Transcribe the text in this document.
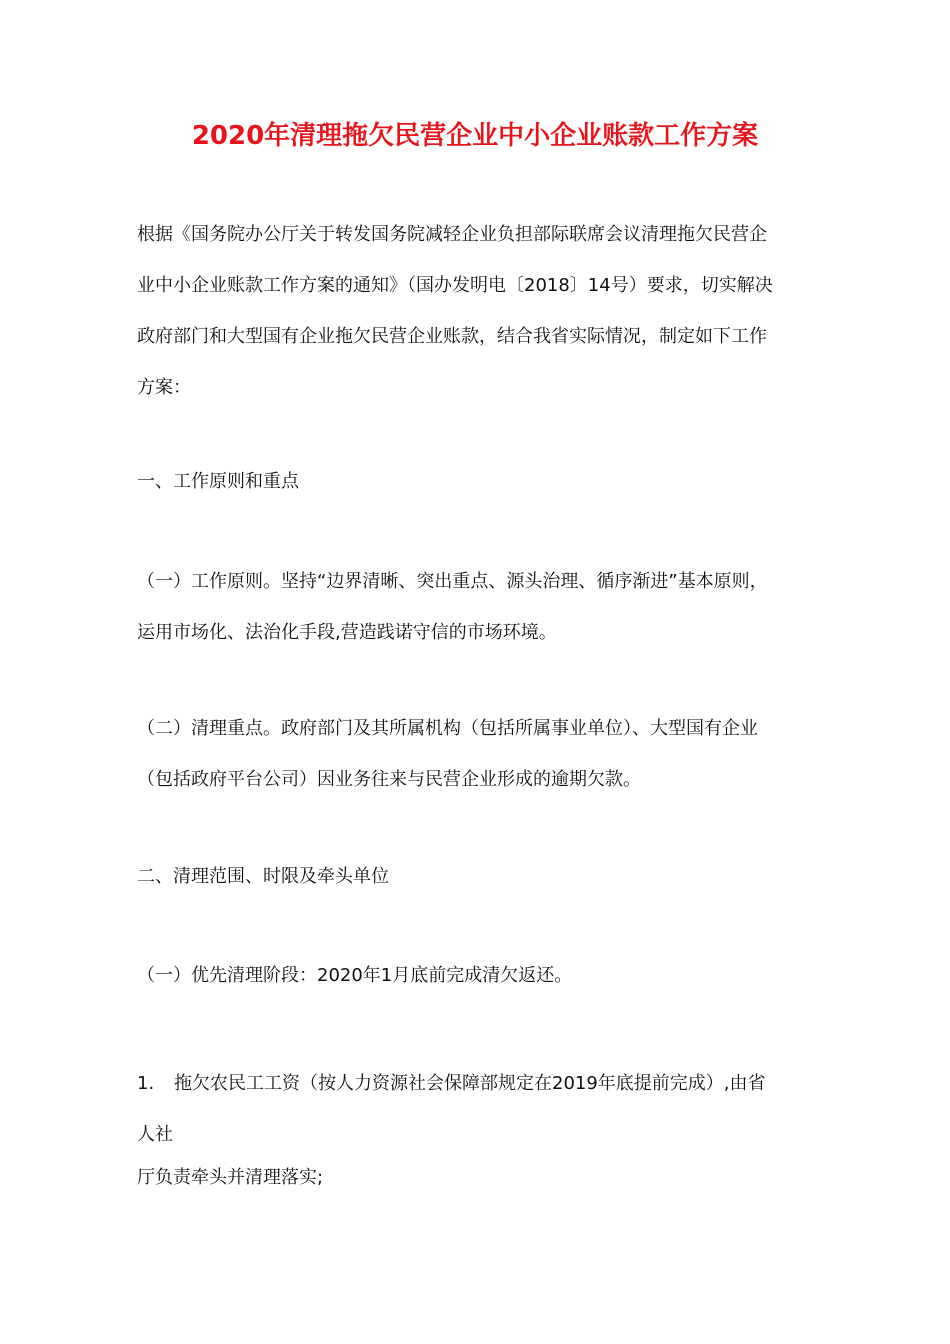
2020年清理拖欠民营企业中小企业账款工作方案
根据《国务院办公厅关于转发国务院减轻企业负担部际联席会议清理拖欠民营企
业中小企业账款工作方案的通知》（国办发明电〔2018〕14号）要求，切实解决
政府部门和大型国有企业拖欠民营企业账款，结合我省实际情况，制定如下工作
方案：

一、工作原则和重点

（一）工作原则。坚持“边界清晰、突出重点、源头治理、循序渐进”基本原则，
运用市场化、法治化手段,营造践诺守信的市场环境。
（二）清理重点。政府部门及其所属机构（包括所属事业单位）、大型国有企业
（包括政府平台公司）因业务往来与民营企业形成的逾期欠款。

二、清理范围、时限及牵头单位

（一）优先清理阶段：2020年1月底前完成清欠返还。

1. 拖欠农民工工资（按人力资源社会保障部规定在2019年底提前完成）,由省
人社
厅负责牵头并清理落实;
